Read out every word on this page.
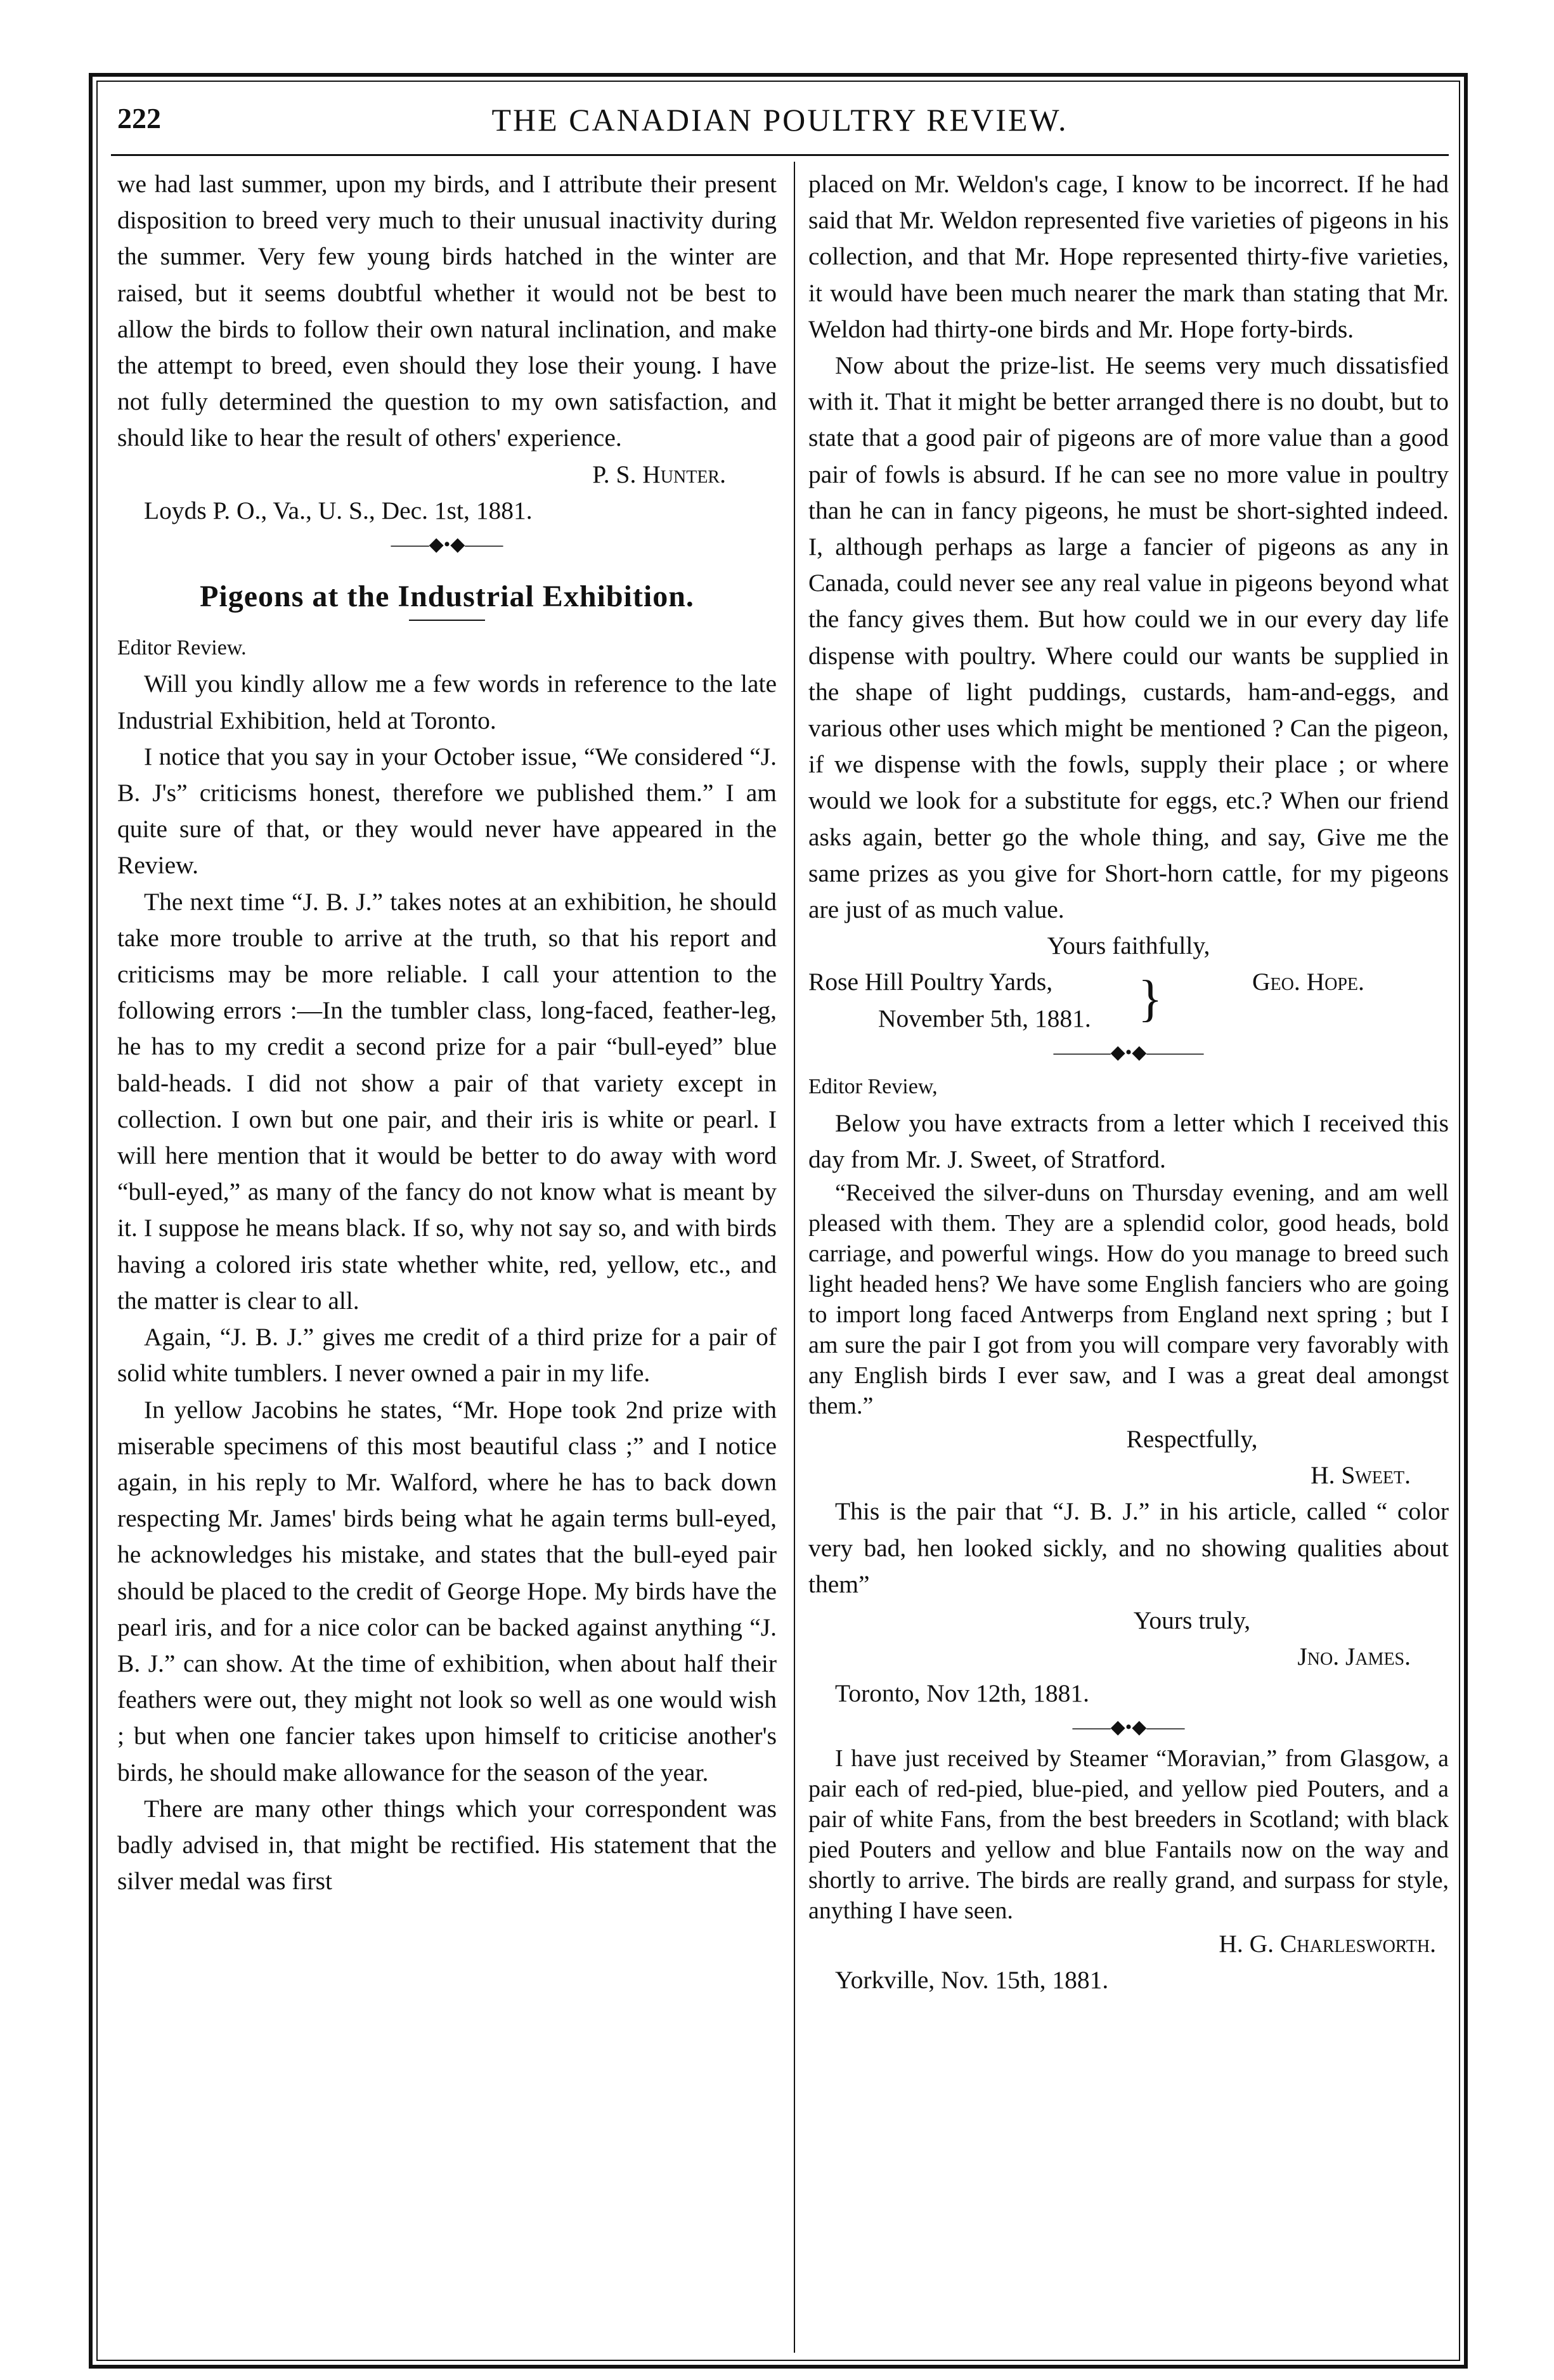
222	THE CANADIAN POULTRY REVIEW.

we had last summer, upon my birds, and I attribute their present disposition to breed very much to their unusual inactivity during the summer. Very few young birds hatched in the winter are raised, but it seems doubtful whether it would not be best to allow the birds to follow their own natural inclination, and make the attempt to breed, even should they lose their young. I have not fully determined the question to my own satisfaction, and should like to hear the result of others' experience.

P. S. Hunter.

Loyds P. O., Va., U. S., Dec. 1st, 1881.

——◆•◆——
Pigeons at the Industrial Exhibition.

Editor Review.

Will you kindly allow me a few words in reference to the late Industrial Exhibition, held at Toronto.

I notice that you say in your October issue, “We considered “J. B. J's” criticisms honest, therefore we published them.” I am quite sure of that, or they would never have appeared in the Review.

The next time “J. B. J.” takes notes at an exhibition, he should take more trouble to arrive at the truth, so that his report and criticisms may be more reliable. I call your attention to the following errors :—In the tumbler class, long-faced, feather-leg, he has to my credit a second prize for a pair “bull-eyed” blue bald-heads. I did not show a pair of that variety except in collection. I own but one pair, and their iris is white or pearl. I will here mention that it would be better to do away with word “bull-eyed,” as many of the fancy do not know what is meant by it. I suppose he means black. If so, why not say so, and with birds having a colored iris state whether white, red, yellow, etc., and the matter is clear to all.

Again, “J. B. J.” gives me credit of a third prize for a pair of solid white tumblers. I never owned a pair in my life.

In yellow Jacobins he states, “Mr. Hope took 2nd prize with miserable specimens of this most beautiful class ;” and I notice again, in his reply to Mr. Walford, where he has to back down respecting Mr. James' birds being what he again terms bull-eyed, he acknowledges his mistake, and states that the bull-eyed pair should be placed to the credit of George Hope. My birds have the pearl iris, and for a nice color can be backed against anything “J. B. J.” can show. At the time of exhibition, when about half their feathers were out, they might not look so well as one would wish ; but when one fancier takes upon himself to criticise another's birds, he should make allowance for the season of the year.

There are many other things which your correspondent was badly advised in, that might be rectified. His statement that the silver medal was first

placed on Mr. Weldon's cage, I know to be incorrect. If he had said that Mr. Weldon represented five varieties of pigeons in his collection, and that Mr. Hope represented thirty-five varieties, it would have been much nearer the mark than stating that Mr. Weldon had thirty-one birds and Mr. Hope forty-birds.

Now about the prize-list. He seems very much dissatisfied with it. That it might be better arranged there is no doubt, but to state that a good pair of pigeons are of more value than a good pair of fowls is absurd. If he can see no more value in poultry than he can in fancy pigeons, he must be short-sighted indeed. I, although perhaps as large a fancier of pigeons as any in Canada, could never see any real value in pigeons beyond what the fancy gives them. But how could we in our every day life dispense with poultry. Where could our wants be supplied in the shape of light puddings, custards, ham-and-eggs, and various other uses which might be mentioned ? Can the pigeon, if we dispense with the fowls, supply their place ; or where would we look for a substitute for eggs, etc.? When our friend asks again, better go the whole thing, and say, Give me the same prizes as you give for Short-horn cattle, for my pigeons are just of as much value.

Yours faithfully,

Rose Hill Poultry Yards,
November 5th, 1881. }	Geo. Hope.
———◆•◆———

Editor Review,

Below you have extracts from a letter which I received this day from Mr. J. Sweet, of Stratford.

“Received the silver-duns on Thursday evening, and am well pleased with them. They are a splendid color, good heads, bold carriage, and powerful wings. How do you manage to breed such light headed hens? We have some English fanciers who are going to import long faced Antwerps from England next spring ; but I am sure the pair I got from you will compare very favorably with any English birds I ever saw, and I was a great deal amongst them.”

Respectfully,

H. Sweet.

This is the pair that “J. B. J.” in his article, called “ color very bad, hen looked sickly, and no showing qualities about them”

Yours truly,

Jno. James.

Toronto, Nov 12th, 1881.

——◆•◆——

I have just received by Steamer “Moravian,” from Glasgow, a pair each of red-pied, blue-pied, and yellow pied Pouters, and a pair of white Fans, from the best breeders in Scotland; with black pied Pouters and yellow and blue Fantails now on the way and shortly to arrive. The birds are really grand, and surpass for style, anything I have seen.

H. G. Charlesworth.

Yorkville, Nov. 15th, 1881.
